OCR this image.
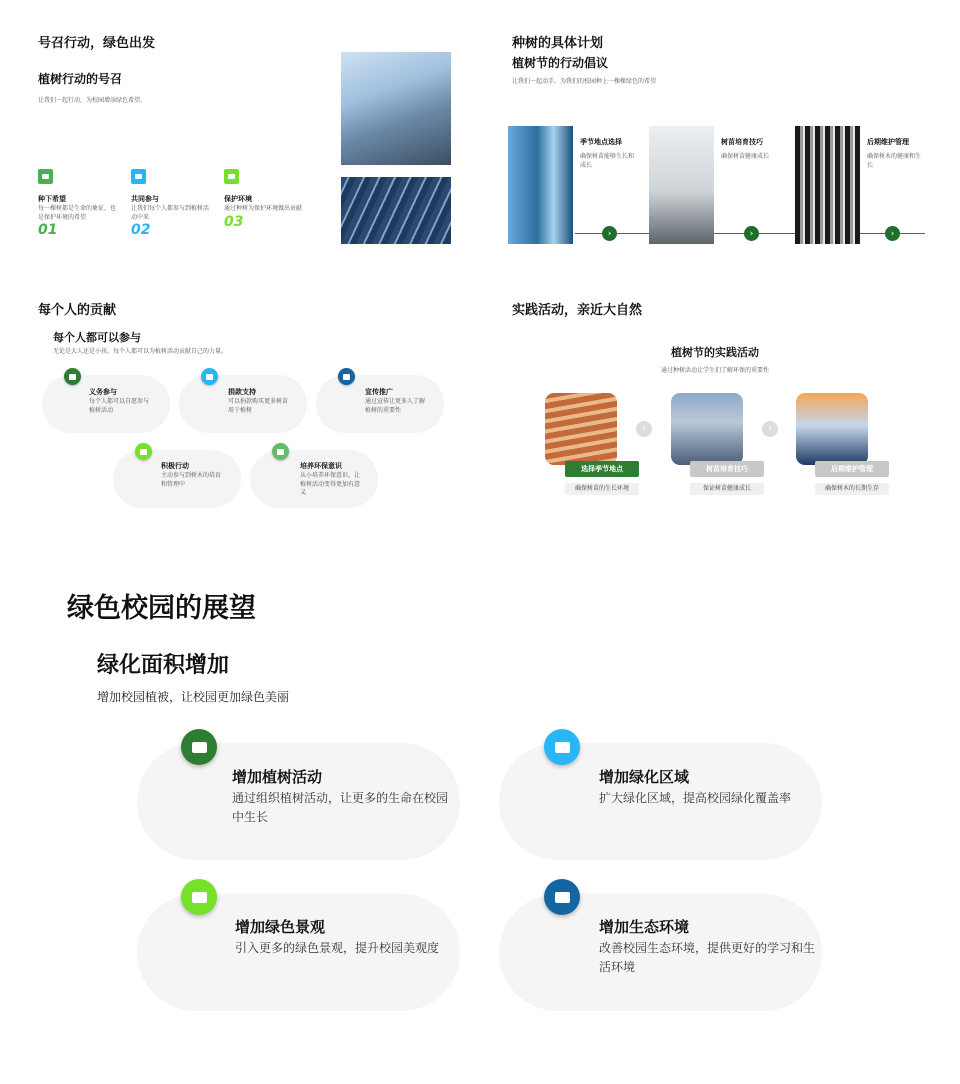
号召行动，绿色出发
植树行动的号召
让我们一起行动，为校园增添绿色希望。
种下希望
每一棵树都是生命的象征，也是保护环境的希望
01
共同参与
让我们每个人都参与到植树活动中来
02
保护环境
通过种树为保护环境做出贡献
03
种树的具体计划
植树节的行动倡议
让我们一起动手，为我们的校园种上一棵棵绿色的希望
季节地点选择
确保树苗能够生长和成长
›
树苗培育技巧
确保树苗健康成长
›
后期维护管理
确保树木的健康和生长
›
每个人的贡献
每个人都可以参与
无论是大人还是小孩，每个人都可以为植树活动贡献自己的力量。
义务参与
每个人都可以自愿参与植树活动
捐款支持
可以捐款购买更多树苗用于植树
宣传推广
通过宣传让更多人了解植树的重要性
积极行动
主动参与到树木的培育和管理中
培养环保意识
从小培养环保意识，让植树活动变得更加有意义
实践活动，亲近大自然
植树节的实践活动
通过种树活动让学生们了解环保的重要性
选择季节地点
确保树苗的生长环境
›
树苗培育技巧
保证树苗健康成长
›
后期维护管理
确保树木的长期生存
绿色校园的展望
绿化面积增加
增加校园植被，让校园更加绿色美丽
增加植树活动
通过组织植树活动，让更多的生命在校园中生长
增加绿化区域
扩大绿化区域，提高校园绿化覆盖率
增加绿色景观
引入更多的绿色景观，提升校园美观度
增加生态环境
改善校园生态环境，提供更好的学习和生活环境
